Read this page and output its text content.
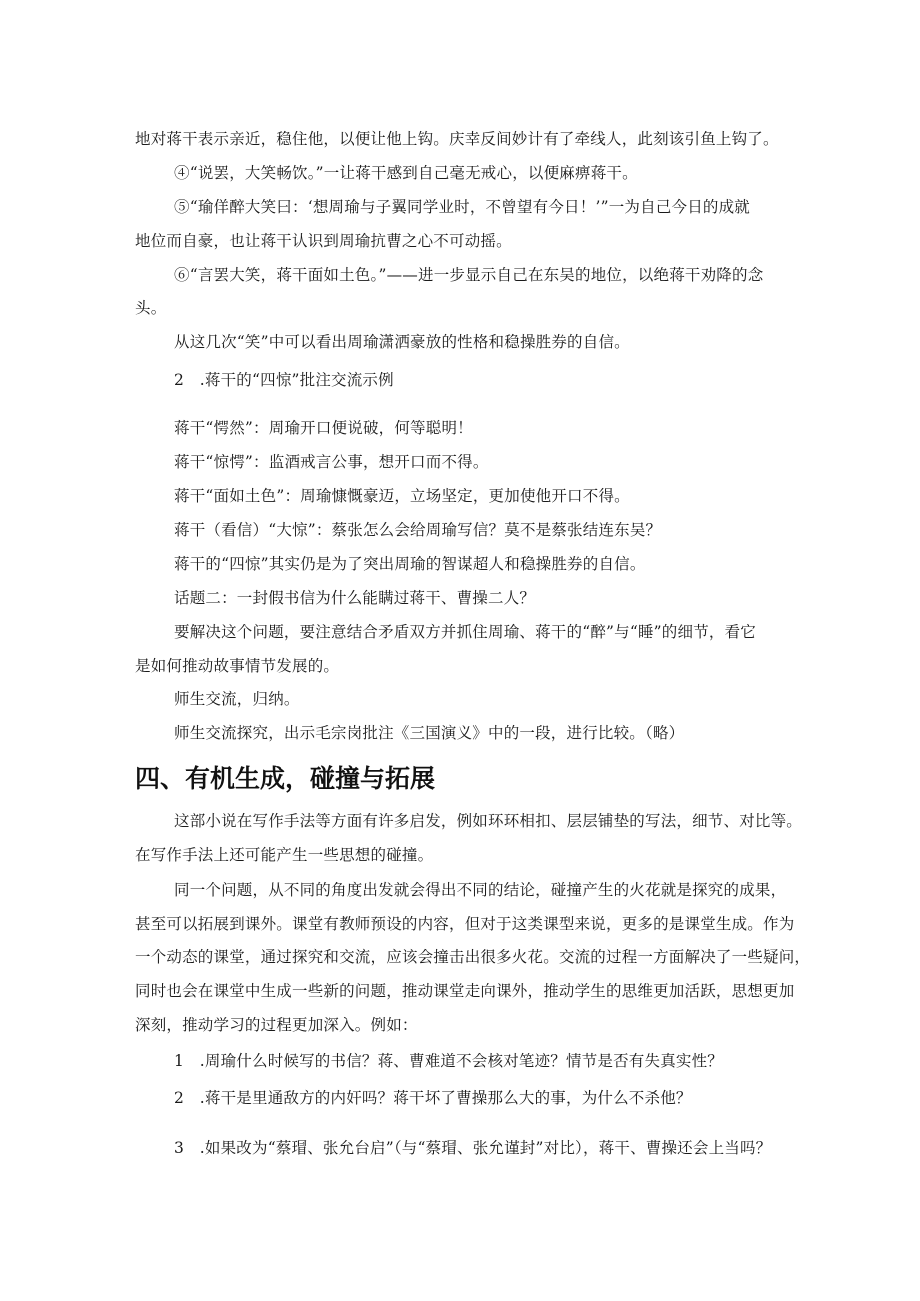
地对蒋干表示亲近，稳住他，以便让他上钩。庆幸反间妙计有了牵线人，此刻该引鱼上钩了。

④“说罢，大笑畅饮。”一让蒋干感到自己毫无戒心，以便麻痹蒋干。

⑤“瑜佯醉大笑曰：‘想周瑜与子翼同学业时，不曾望有今日！’”一为自己今日的成就

地位而自豪，也让蒋干认识到周瑜抗曹之心不可动摇。

⑥“言罢大笑，蒋干面如土色。”——进一步显示自己在东吴的地位，以绝蒋干劝降的念

头。

从这几次“笑”中可以看出周瑜潇洒豪放的性格和稳操胜券的自信。

2　.蒋干的“四惊”批注交流示例

蒋干“愕然”：周瑜开口便说破，何等聪明！

蒋干“惊愕”：监酒戒言公事，想开口而不得。

蒋干“面如土色”：周瑜慷慨豪迈，立场坚定，更加使他开口不得。

蒋干（看信）“大惊”：蔡张怎么会给周瑜写信？莫不是蔡张结连东吴？

蒋干的“四惊”其实仍是为了突出周瑜的智谋超人和稳操胜券的自信。

话题二：一封假书信为什么能瞒过蒋干、曹操二人？

要解决这个问题，要注意结合矛盾双方并抓住周瑜、蒋干的“醉”与“睡”的细节，看它

是如何推动故事情节发展的。

师生交流，归纳。

师生交流探究，出示毛宗岗批注《三国演义》中的一段，进行比较。（略）

四、有机生成，碰撞与拓展

这部小说在写作手法等方面有许多启发，例如环环相扣、层层铺垫的写法，细节、对比等。

在写作手法上还可能产生一些思想的碰撞。

同一个问题，从不同的角度出发就会得出不同的结论，碰撞产生的火花就是探究的成果，

甚至可以拓展到课外。课堂有教师预设的内容，但对于这类课型来说，更多的是课堂生成。作为

一个动态的课堂，通过探究和交流，应该会撞击出很多火花。交流的过程一方面解决了一些疑问，

同时也会在课堂中生成一些新的问题，推动课堂走向课外，推动学生的思维更加活跃，思想更加

深刻，推动学习的过程更加深入。例如：

1　.周瑜什么时候写的书信？蒋、曹难道不会核对笔迹？情节是否有失真实性？

2　.蒋干是里通敌方的内奸吗？蒋干坏了曹操那么大的事，为什么不杀他？

3　.如果改为“蔡瑁、张允台启”（与“蔡瑁、张允谨封”对比），蒋干、曹操还会上当吗？
